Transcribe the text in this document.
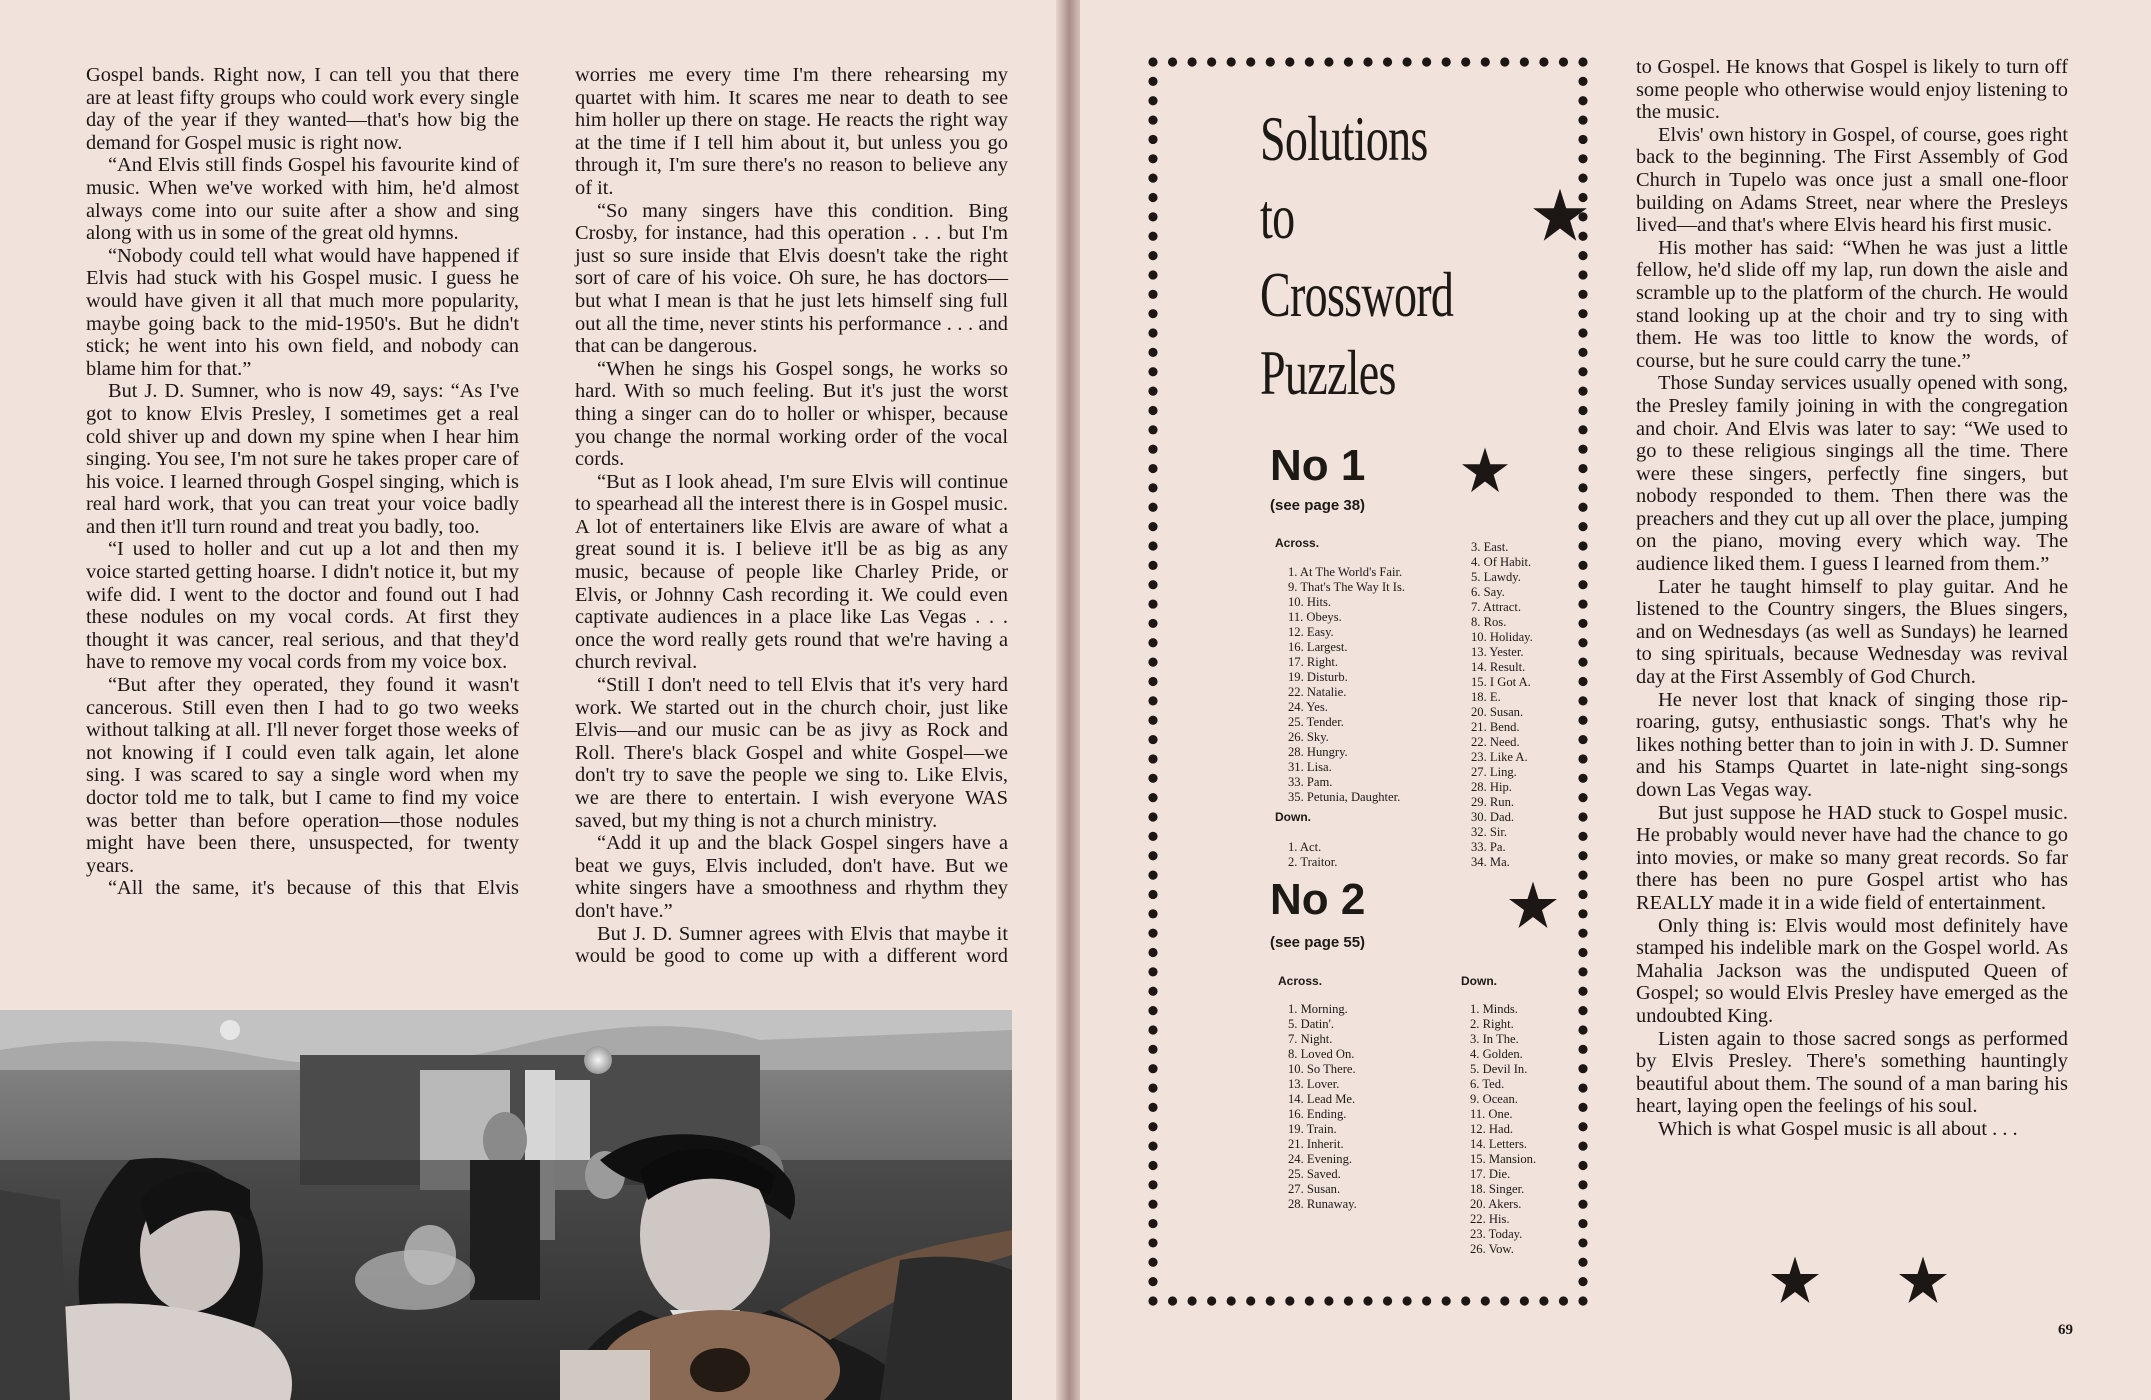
Gospel bands. Right now, I can tell you that there are at least fifty groups who could work every single day of the year if they wanted—that's how big the demand for Gospel music is right now.

“And Elvis still finds Gospel his favourite kind of music. When we've worked with him, he'd almost always come into our suite after a show and sing along with us in some of the great old hymns.

“Nobody could tell what would have happened if Elvis had stuck with his Gospel music. I guess he would have given it all that much more popularity, maybe going back to the mid-1950's. But he didn't stick; he went into his own field, and nobody can blame him for that.”

But J. D. Sumner, who is now 49, says: “As I've got to know Elvis Presley, I sometimes get a real cold shiver up and down my spine when I hear him singing. You see, I'm not sure he takes proper care of his voice. I learned through Gospel singing, which is real hard work, that you can treat your voice badly and then it'll turn round and treat you badly, too.

“I used to holler and cut up a lot and then my voice started getting hoarse. I didn't notice it, but my wife did. I went to the doctor and found out I had these nodules on my vocal cords. At first they thought it was cancer, real serious, and that they'd have to remove my vocal cords from my voice box.

“But after they operated, they found it wasn't cancerous. Still even then I had to go two weeks without talking at all. I'll never forget those weeks of not knowing if I could even talk again, let alone sing. I was scared to say a single word when my doctor told me to talk, but I came to find my voice was better than before operation—those nodules might have been there, unsuspected, for twenty years.

“All the same, it's because of this that Elvis

worries me every time I'm there rehearsing my quartet with him. It scares me near to death to see him holler up there on stage. He reacts the right way at the time if I tell him about it, but unless you go through it, I'm sure there's no reason to believe any of it.

“So many singers have this condition. Bing Crosby, for instance, had this operation . . . but I'm just so sure inside that Elvis doesn't take the right sort of care of his voice. Oh sure, he has doctors—but what I mean is that he just lets himself sing full out all the time, never stints his performance . . . and that can be dangerous.

“When he sings his Gospel songs, he works so hard. With so much feeling. But it's just the worst thing a singer can do to holler or whisper, because you change the normal working order of the vocal cords.

“But as I look ahead, I'm sure Elvis will continue to spearhead all the interest there is in Gospel music. A lot of entertainers like Elvis are aware of what a great sound it is. I believe it'll be as big as any music, because of people like Charley Pride, or Elvis, or Johnny Cash recording it. We could even captivate audiences in a place like Las Vegas . . . once the word really gets round that we're having a church revival.

“Still I don't need to tell Elvis that it's very hard work. We started out in the church choir, just like Elvis—and our music can be as jivy as Rock and Roll. There's black Gospel and white Gospel—we don't try to save the people we sing to. Like Elvis, we are there to entertain. I wish everyone WAS saved, but my thing is not a church ministry.

“Add it up and the black Gospel singers have a beat we guys, Elvis included, don't have. But we white singers have a smoothness and rhythm they don't have.”

But J. D. Sumner agrees with Elvis that maybe it would be good to come up with a different word

Solutions
to
Crossword
Puzzles
No 1
(see page 38)
Across.
1. At The World's Fair.
9. That's The Way It Is.
10. Hits.
11. Obeys.
12. Easy.
16. Largest.
17. Right.
19. Disturb.
22. Natalie.
24. Yes.
25. Tender.
26. Sky.
28. Hungry.
31. Lisa.
33. Pam.
35. Petunia, Daughter.
Down.
1. Act.
2. Traitor.
3. East.
4. Of Habit.
5. Lawdy.
6. Say.
7. Attract.
8. Ros.
10. Holiday.
13. Yester.
14. Result.
15. I Got A.
18. E.
20. Susan.
21. Bend.
22. Need.
23. Like A.
27. Ling.
28. Hip.
29. Run.
30. Dad.
32. Sir.
33. Pa.
34. Ma.
No 2
(see page 55)
Across.	Down.
1. Morning.
5. Datin'.
7. Night.
8. Loved On.
10. So There.
13. Lover.
14. Lead Me.
16. Ending.
19. Train.
21. Inherit.
24. Evening.
25. Saved.
27. Susan.
28. Runaway.
1. Minds.
2. Right.
3. In The.
4. Golden.
5. Devil In.
6. Ted.
9. Ocean.
11. One.
12. Had.
14. Letters.
15. Mansion.
17. Die.
18. Singer.
20. Akers.
22. His.
23. Today.
26. Vow.

to Gospel. He knows that Gospel is likely to turn off some people who otherwise would enjoy listening to the music.

Elvis' own history in Gospel, of course, goes right back to the beginning. The First Assembly of God Church in Tupelo was once just a small one-floor building on Adams Street, near where the Presleys lived—and that's where Elvis heard his first music.

His mother has said: “When he was just a little fellow, he'd slide off my lap, run down the aisle and scramble up to the platform of the church. He would stand looking up at the choir and try to sing with them. He was too little to know the words, of course, but he sure could carry the tune.”

Those Sunday services usually opened with song, the Presley family joining in with the congregation and choir. And Elvis was later to say: “We used to go to these religious singings all the time. There were these singers, perfectly fine singers, but nobody responded to them. Then there was the preachers and they cut up all over the place, jumping on the piano, moving every which way. The audience liked them. I guess I learned from them.”

Later he taught himself to play guitar. And he listened to the Country singers, the Blues singers, and on Wednesdays (as well as Sundays) he learned to sing spirituals, because Wednesday was revival day at the First Assembly of God Church.

He never lost that knack of singing those rip-roaring, gutsy, enthusiastic songs. That's why he likes nothing better than to join in with J. D. Sumner and his Stamps Quartet in late-night sing-songs down Las Vegas way.

But just suppose he HAD stuck to Gospel music. He probably would never have had the chance to go into movies, or make so many great records. So far there has been no pure Gospel artist who has REALLY made it in a wide field of entertainment.

Only thing is: Elvis would most definitely have stamped his indelible mark on the Gospel world. As Mahalia Jackson was the undisputed Queen of Gospel; so would Elvis Presley have emerged as the undoubted King.

Listen again to those sacred songs as performed by Elvis Presley. There's something hauntingly beautiful about them. The sound of a man baring his heart, laying open the feelings of his soul.

Which is what Gospel music is all about . . .

69
